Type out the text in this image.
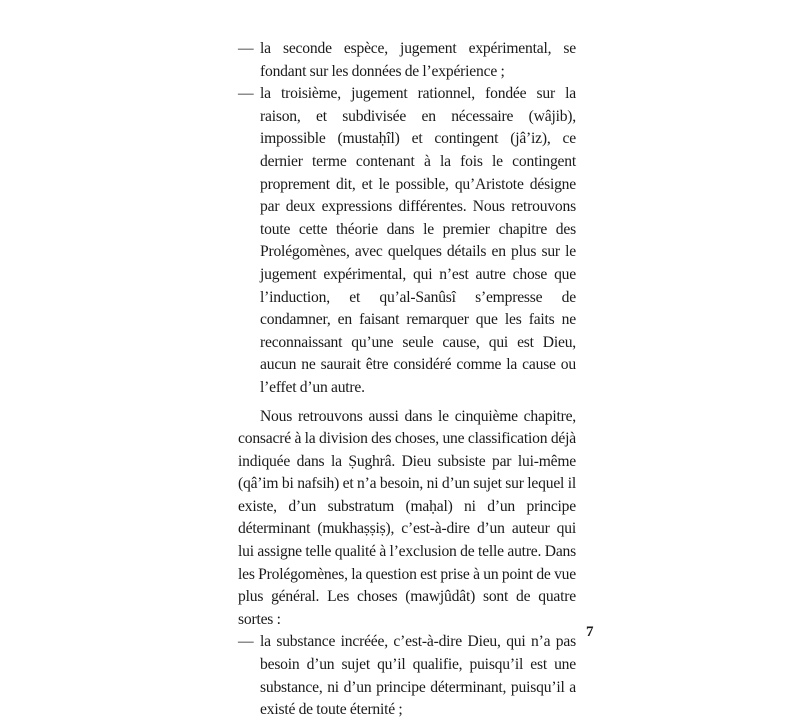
— la seconde espèce, jugement expérimental, se fondant sur les données de l’expérience ;

— la troisième, jugement rationnel, fondée sur la raison, et subdivisée en nécessaire (wâjib), impossible (mustaḥîl) et contingent (jâ’iz), ce dernier terme contenant à la fois le contingent proprement dit, et le possible, qu’Aristote désigne par deux expressions différentes. Nous retrouvons toute cette théorie dans le premier chapitre des Prolégomènes, avec quelques détails en plus sur le jugement expérimental, qui n’est autre chose que l’induction, et qu’al-Sanûsî s’empresse de condamner, en faisant remarquer que les faits ne reconnaissant qu’une seule cause, qui est Dieu, aucun ne saurait être considéré comme la cause ou l’effet d’un autre.

Nous retrouvons aussi dans le cinquième chapitre, consacré à la division des choses, une classification déjà indiquée dans la Ṣughrâ. Dieu subsiste par lui-même (qâ’im bi nafsih) et n’a besoin, ni d’un sujet sur lequel il existe, d’un substratum (maḥal) ni d’un principe déterminant (mukhaṣṣiṣ), c’est-à-dire d’un auteur qui lui assigne telle qualité à l’exclusion de telle autre. Dans les Prolégomènes, la question est prise à un point de vue plus général. Les choses (mawjûdât) sont de quatre sortes :

— la substance incréée, c’est-à-dire Dieu, qui n’a pas besoin d’un sujet qu’il qualifie, puisqu’il est une substance, ni d’un principe déterminant, puisqu’il a existé de toute éternité ;

7
